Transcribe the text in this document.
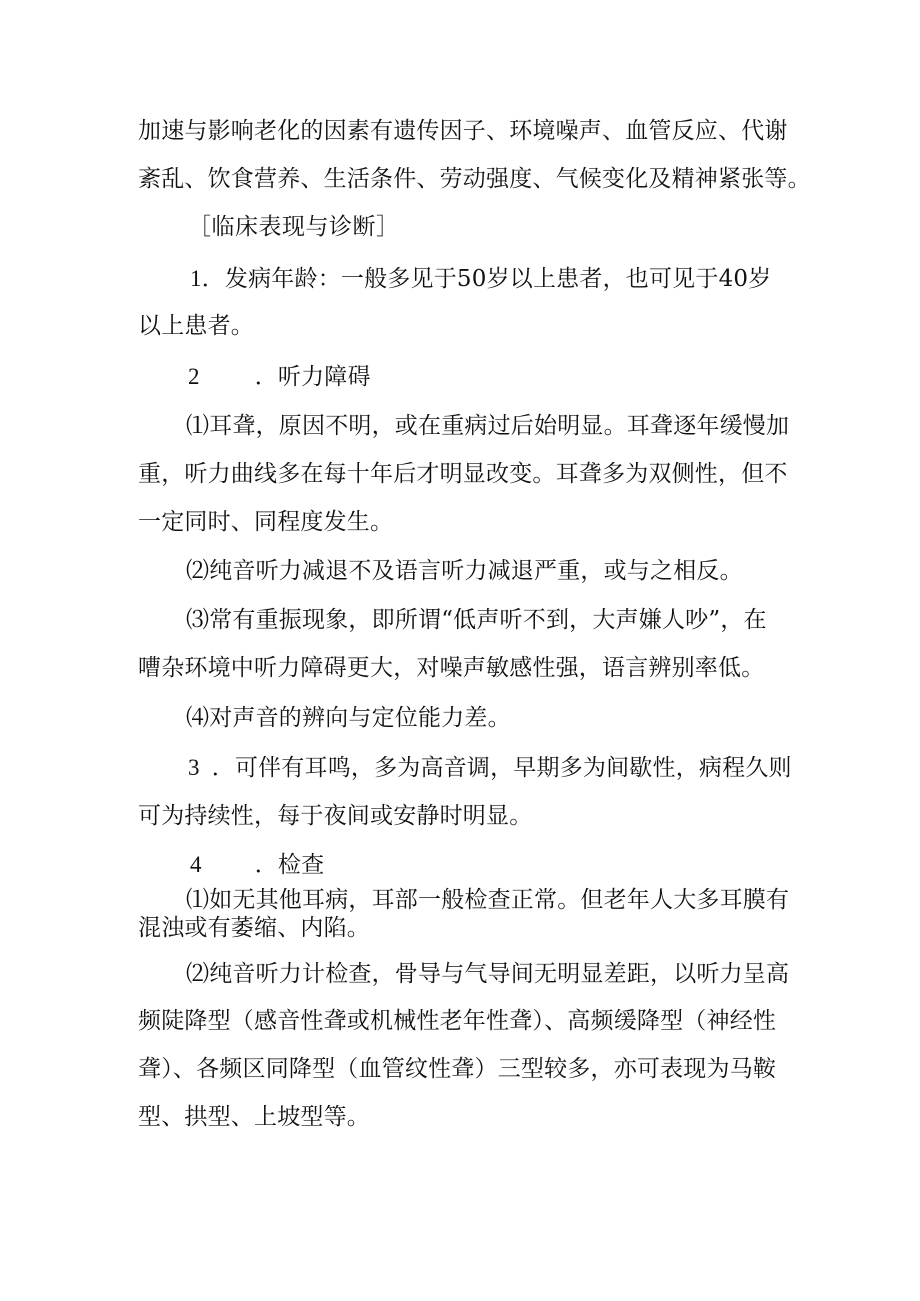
加速与影响老化的因素有遗传因子、环境噪声、血管反应、代谢
紊乱、饮食营养、生活条件、劳动强度、气候变化及精神紧张等。
［临床表现与诊断］
1．发病年龄：一般多见于50岁以上患者，也可见于40岁
以上患者。
2 ．听力障碍
⑴耳聋，原因不明，或在重病过后始明显。耳聋逐年缓慢加
重，听力曲线多在每十年后才明显改变。耳聋多为双侧性，但不
一定同时、同程度发生。
⑵纯音听力减退不及语言听力减退严重，或与之相反。
⑶常有重振现象，即所谓“低声听不到，大声嫌人吵”，在
嘈杂环境中听力障碍更大，对噪声敏感性强，语言辨别率低。
⑷对声音的辨向与定位能力差。
3 ．可伴有耳鸣，多为高音调，早期多为间歇性，病程久则
可为持续性，每于夜间或安静时明显。
4 ．检查
⑴如无其他耳病，耳部一般检查正常。但老年人大多耳膜有
混浊或有萎缩、内陷。
⑵纯音听力计检查，骨导与气导间无明显差距，以听力呈高
频陡降型（感音性聋或机械性老年性聋）、高频缓降型（神经性
聋）、各频区同降型（血管纹性聋）三型较多，亦可表现为马鞍
型、拱型、上坡型等。
